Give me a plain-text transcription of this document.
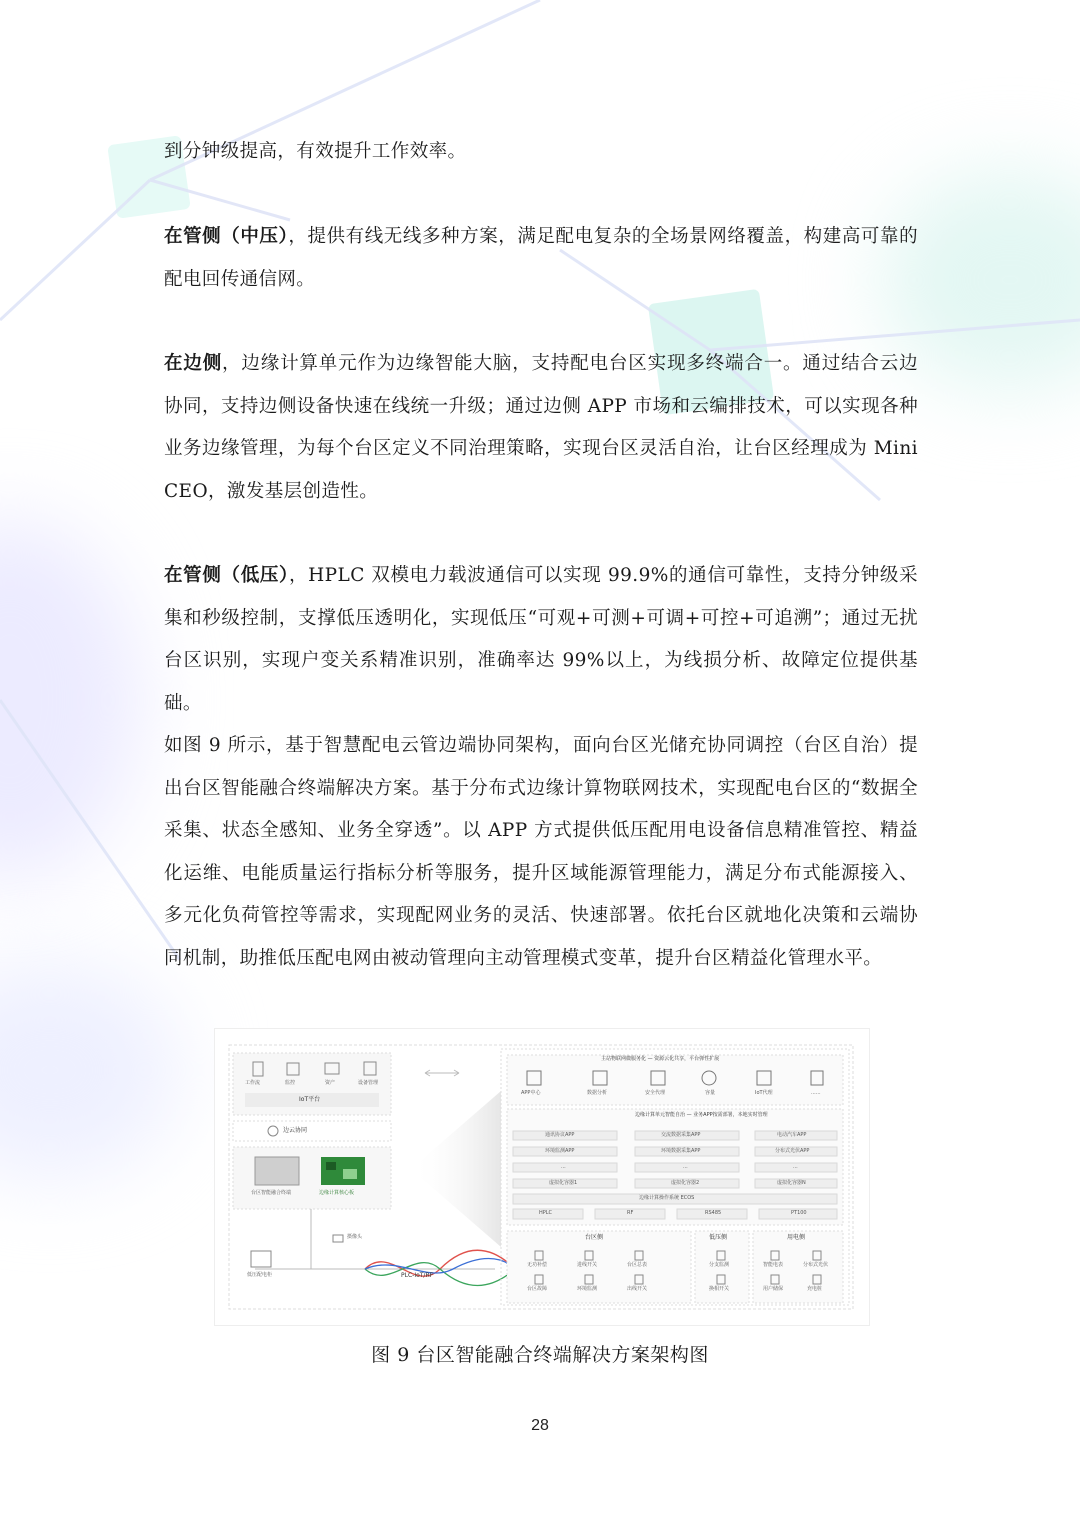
到分钟级提高，有效提升工作效率。

在管侧（中压），提供有线无线多种方案，满足配电复杂的全场景网络覆盖，构建高可靠的配电回传通信网。

在边侧，边缘计算单元作为边缘智能大脑，支持配电台区实现多终端合一。通过结合云边协同，支持边侧设备快速在线统一升级；通过边侧 APP 市场和云编排技术，可以实现各种业务边缘管理，为每个台区定义不同治理策略，实现台区灵活自治，让台区经理成为 Mini CEO，激发基层创造性。

在管侧（低压），HPLC 双模电力载波通信可以实现 99.9%的通信可靠性，支持分钟级采集和秒级控制，支撑低压透明化，实现低压“可观+可测+可调+可控+可追溯”；通过无扰台区识别，实现户变关系精准识别，准确率达 99%以上，为线损分析、故障定位提供基础。

如图 9 所示，基于智慧配电云管边端协同架构，面向台区光储充协同调控（台区自治）提出台区智能融合终端解决方案。基于分布式边缘计算物联网技术，实现配电台区的“数据全采集、状态全感知、业务全穿透”。以 APP 方式提供低压配用电设备信息精准管控、精益化运维、电能质量运行指标分析等服务，提升区域能源管理能力，满足分布式能源接入、多元化负荷管控等需求，实现配网业务的灵活、快速部署。依托台区就地化决策和云端协同机制，助推低压配电网由被动管理向主动管理模式变革，提升台区精益化管理水平。

工作流	监控	资产	设备管理
IoT平台
边云协同
台区智能融合终端	边缘计算核心板
摄像头
低压配电柜	PLC-IoT/RF
主站物联网微服务化 — 资源云化共享，平台弹性扩展
APP中心	数据分析	安全代理	容量	IoT代理	......
边缘计算单元智能自治 — 业务APP按需部署，本地实时管理
通讯协议APP
环境监测APP
...
虚拟化容器1
交流数据采集APP
环境数据采集APP
...
虚拟化容器2
电动汽车APP
分布式光伏APP
...
虚拟化容器N
边缘计算操作系统 ECOS
HPLC	RF	RS485	PT100
台区侧
无功补偿	进线开关	台区总表
台区故障	环境监测	出线开关
低压侧
分支监测
换相开关
用电侧
智能电表	分布式光伏
用户储保	充电桩
图 9 台区智能融合终端解决方案架构图
28
